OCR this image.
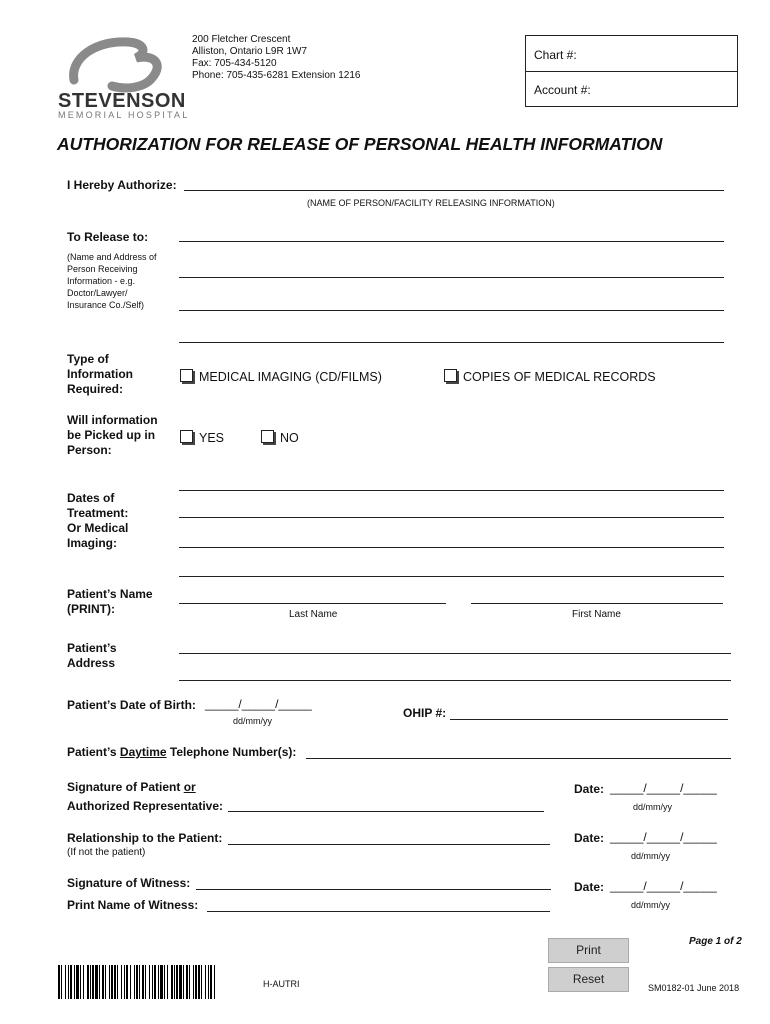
STEVENSON
MEMORIAL HOSPITAL
200 Fletcher Crescent
Alliston, Ontario L9R 1W7
Fax: 705-434-5120
Phone: 705-435-6281 Extension 1216
Chart #:
Account #:
AUTHORIZATION FOR RELEASE OF PERSONAL HEALTH INFORMATION
I Hereby Authorize:
(NAME OF PERSON/FACILITY RELEASING INFORMATION)
To Release to:
(Name and Address of
Person Receiving
Information - e.g.
Doctor/Lawyer/
Insurance Co./Self)
Type of
Information
Required:
MEDICAL IMAGING (CD/FILMS)	COPIES OF MEDICAL RECORDS
Will information
be Picked up in
Person:
YES	NO
Dates of
Treatment:
Or Medical
Imaging:
Patient’s Name
(PRINT):	Last Name	First Name
Patient’s
Address
Patient’s Date of Birth: _____/_____/_____
dd/mm/yy
OHIP #:
Patient’s Daytime Telephone Number(s):
Signature of Patient or
Authorized Representative:
Date: _____/_____/_____
dd/mm/yy
Relationship to the Patient:
(If not the patient)
Date: _____/_____/_____
dd/mm/yy
Signature of Witness:	Date: _____/_____/_____
dd/mm/yy
Print Name of Witness:
Page 1 of 2
Print
Reset
H-AUTRI	SM0182-01 June 2018
